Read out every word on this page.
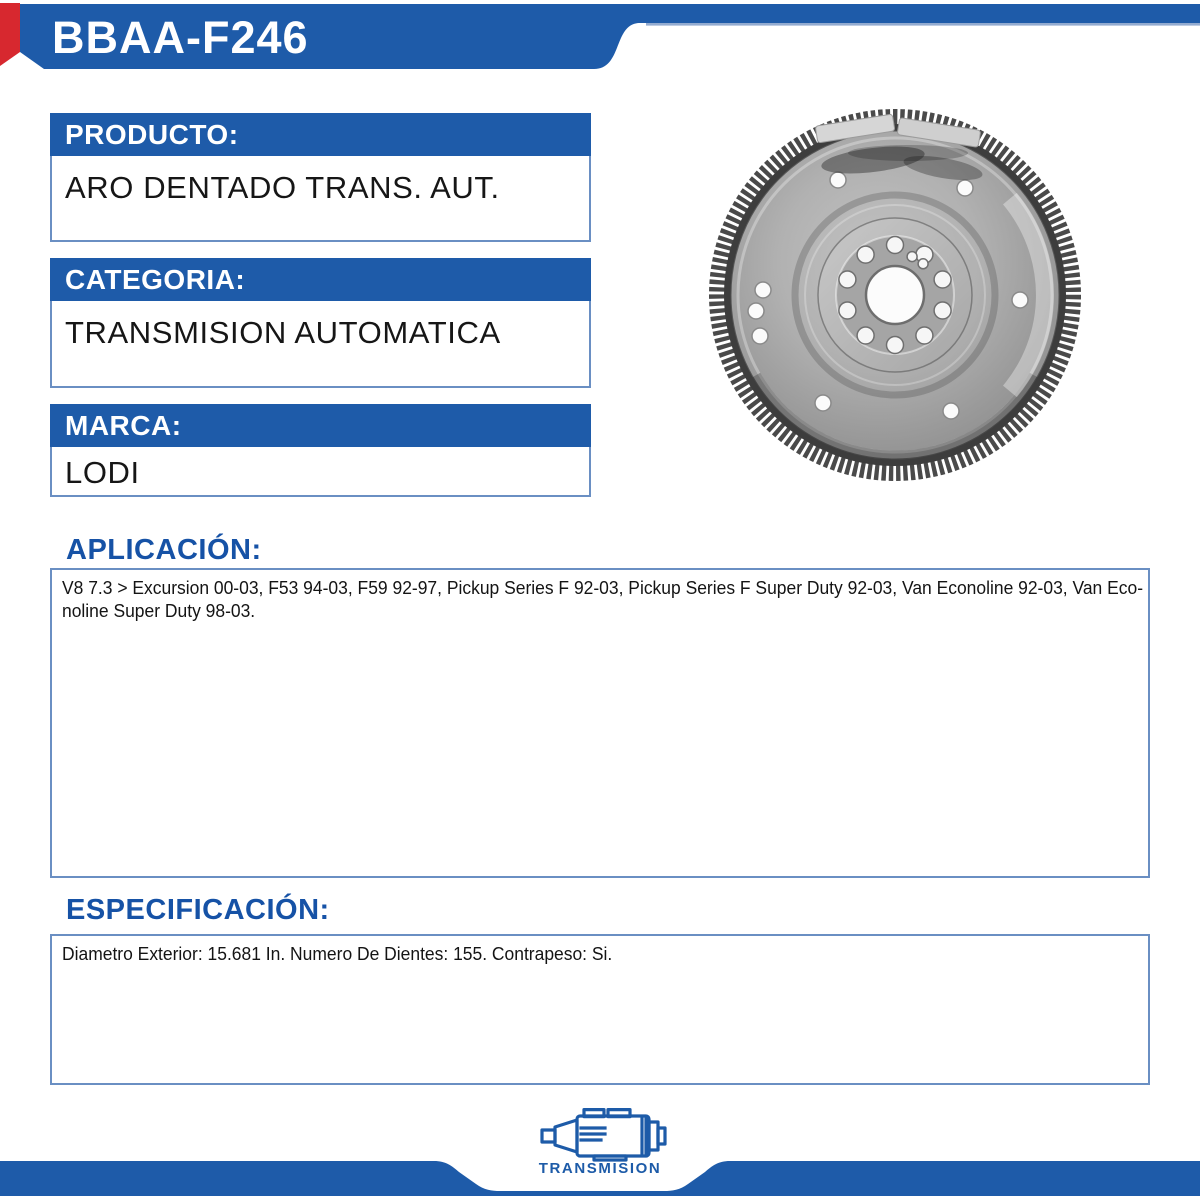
BBAA-F246
PRODUCTO:
ARO DENTADO TRANS. AUT.
CATEGORIA:
TRANSMISION AUTOMATICA
MARCA:
LODI
APLICACIÓN:
V8 7.3 > Excursion 00-03, F53 94-03, F59 92-97, Pickup Series F 92-03, Pickup Series F Super Duty 92-03, Van Econoline 92-03, Van Eco-
noline Super Duty 98-03.
ESPECIFICACIÓN:
Diametro Exterior: 15.681 In. Numero De Dientes: 155. Contrapeso: Si.
TRANSMISION
